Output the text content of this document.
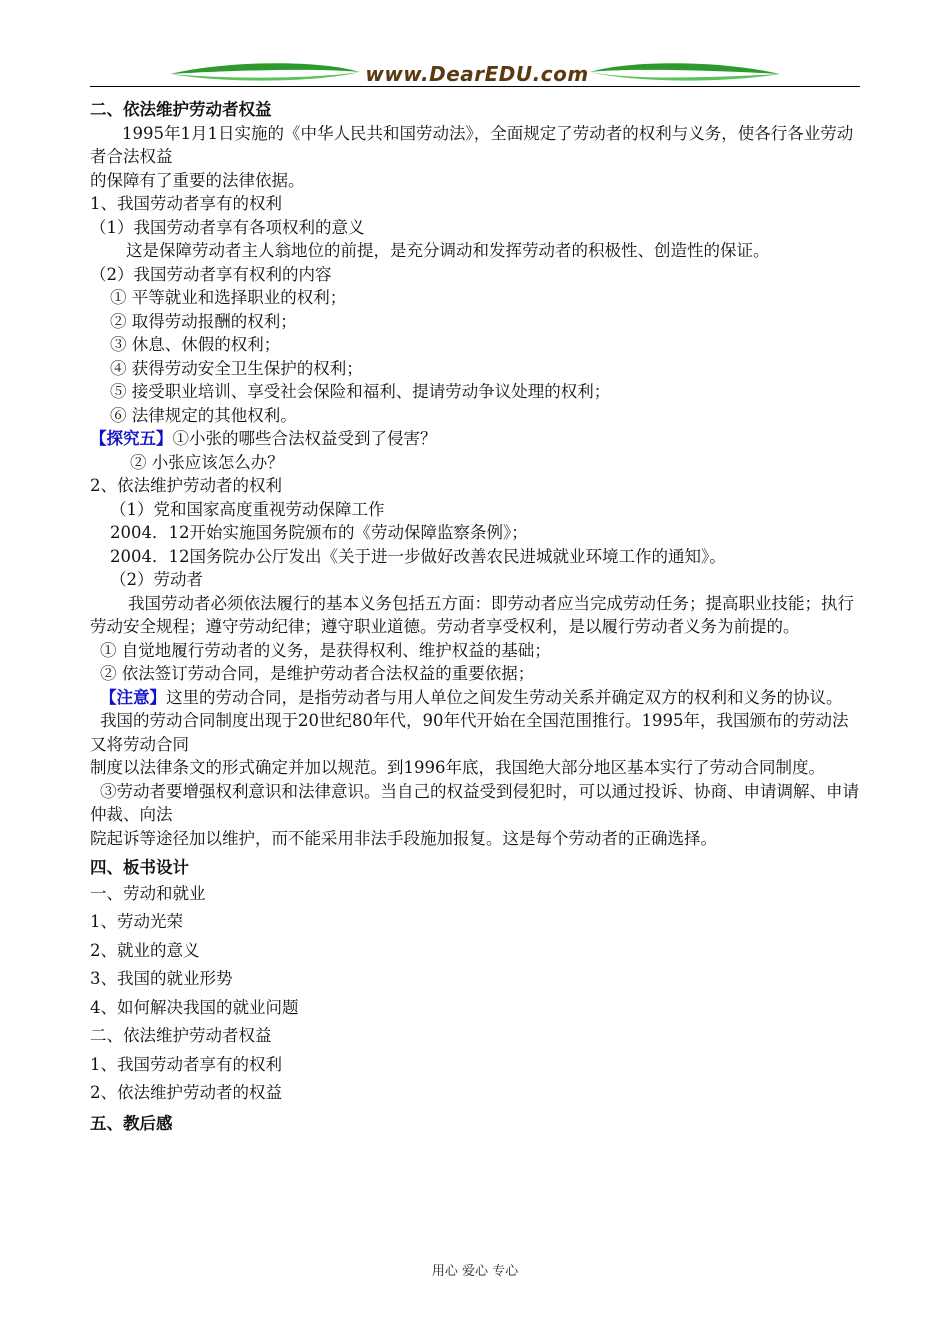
www.DearEDU.com
二、依法维护劳动者权益
1995年1月1日实施的《中华人民共和国劳动法》，全面规定了劳动者的权利与义务，使各行各业劳动者合法权益
的保障有了重要的法律依据。
1、我国劳动者享有的权利
（1）我国劳动者享有各项权利的意义
这是保障劳动者主人翁地位的前提，是充分调动和发挥劳动者的积极性、创造性的保证。
（2）我国劳动者享有权利的内容
① 平等就业和选择职业的权利；
② 取得劳动报酬的权利；
③ 休息、休假的权利；
④ 获得劳动安全卫生保护的权利；
⑤ 接受职业培训、享受社会保险和福利、提请劳动争议处理的权利；
⑥ 法律规定的其他权利。
【探究五】①小张的哪些合法权益受到了侵害？
② 小张应该怎么办？
2、依法维护劳动者的权利
（1）党和国家高度重视劳动保障工作
2004．12开始实施国务院颁布的《劳动保障监察条例》；
2004．12国务院办公厅发出《关于进一步做好改善农民进城就业环境工作的通知》。
（2）劳动者
我国劳动者必须依法履行的基本义务包括五方面：即劳动者应当完成劳动任务；提高职业技能；执行劳动安全规程；遵守劳动纪律；遵守职业道德。劳动者享受权利，是以履行劳动者义务为前提的。
① 自觉地履行劳动者的义务，是获得权利、维护权益的基础；
② 依法签订劳动合同，是维护劳动者合法权益的重要依据；
【注意】这里的劳动合同，是指劳动者与用人单位之间发生劳动关系并确定双方的权利和义务的协议。
我国的劳动合同制度出现于20世纪80年代，90年代开始在全国范围推行。1995年，我国颁布的劳动法又将劳动合同
制度以法律条文的形式确定并加以规范。到1996年底，我国绝大部分地区基本实行了劳动合同制度。
③劳动者要增强权利意识和法律意识。当自己的权益受到侵犯时，可以通过投诉、协商、申请调解、申请仲裁、向法
院起诉等途径加以维护，而不能采用非法手段施加报复。这是每个劳动者的正确选择。
四、板书设计
一、劳动和就业
1、劳动光荣
2、就业的意义
3、我国的就业形势
4、如何解决我国的就业问题
二、依法维护劳动者权益
1、我国劳动者享有的权利
2、依法维护劳动者的权益
五、教后感
用心 爱心 专心
